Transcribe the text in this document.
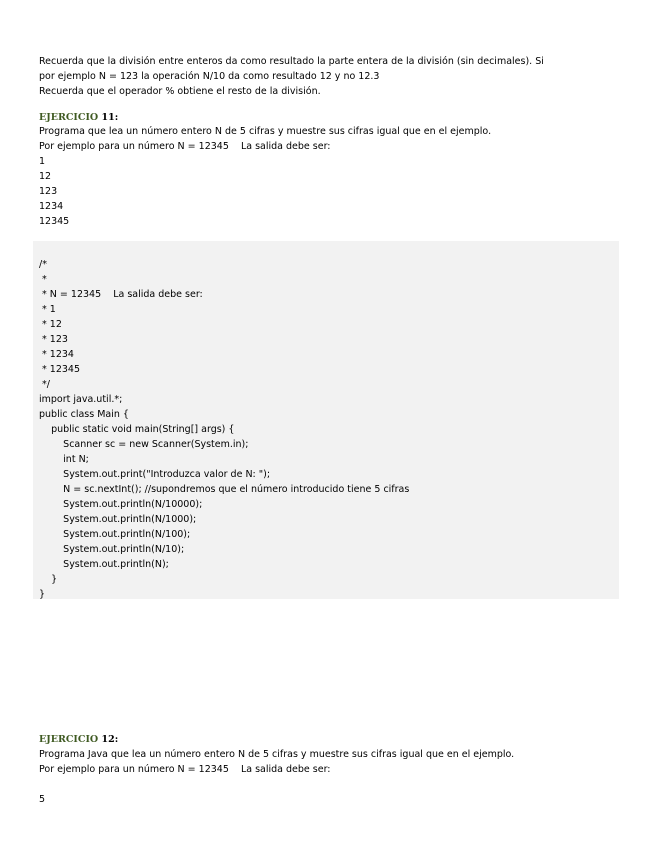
Recuerda que la división entre enteros da como resultado la parte entera de la división (sin decimales). Si
por ejemplo N = 123 la operación N/10 da como resultado 12 y no 12.3
Recuerda que el operador % obtiene el resto de la división.
EJERCICIO 11:
Programa que lea un número entero N de 5 cifras y muestre sus cifras igual que en el ejemplo.
Por ejemplo para un número N = 12345    La salida debe ser:
1
12
123
1234
12345
/*
*
* N = 12345    La salida debe ser:
* 1
* 12
* 123
* 1234
* 12345
*/
import java.util.*;
public class Main {
public static void main(String[] args) {
Scanner sc = new Scanner(System.in);
int N;
System.out.print("Introduzca valor de N: ");
N = sc.nextInt(); //supondremos que el número introducido tiene 5 cifras
System.out.println(N/10000);
System.out.println(N/1000);
System.out.println(N/100);
System.out.println(N/10);
System.out.println(N);
}
}
EJERCICIO 12:
Programa Java que lea un número entero N de 5 cifras y muestre sus cifras igual que en el ejemplo.
Por ejemplo para un número N = 12345    La salida debe ser:
5
